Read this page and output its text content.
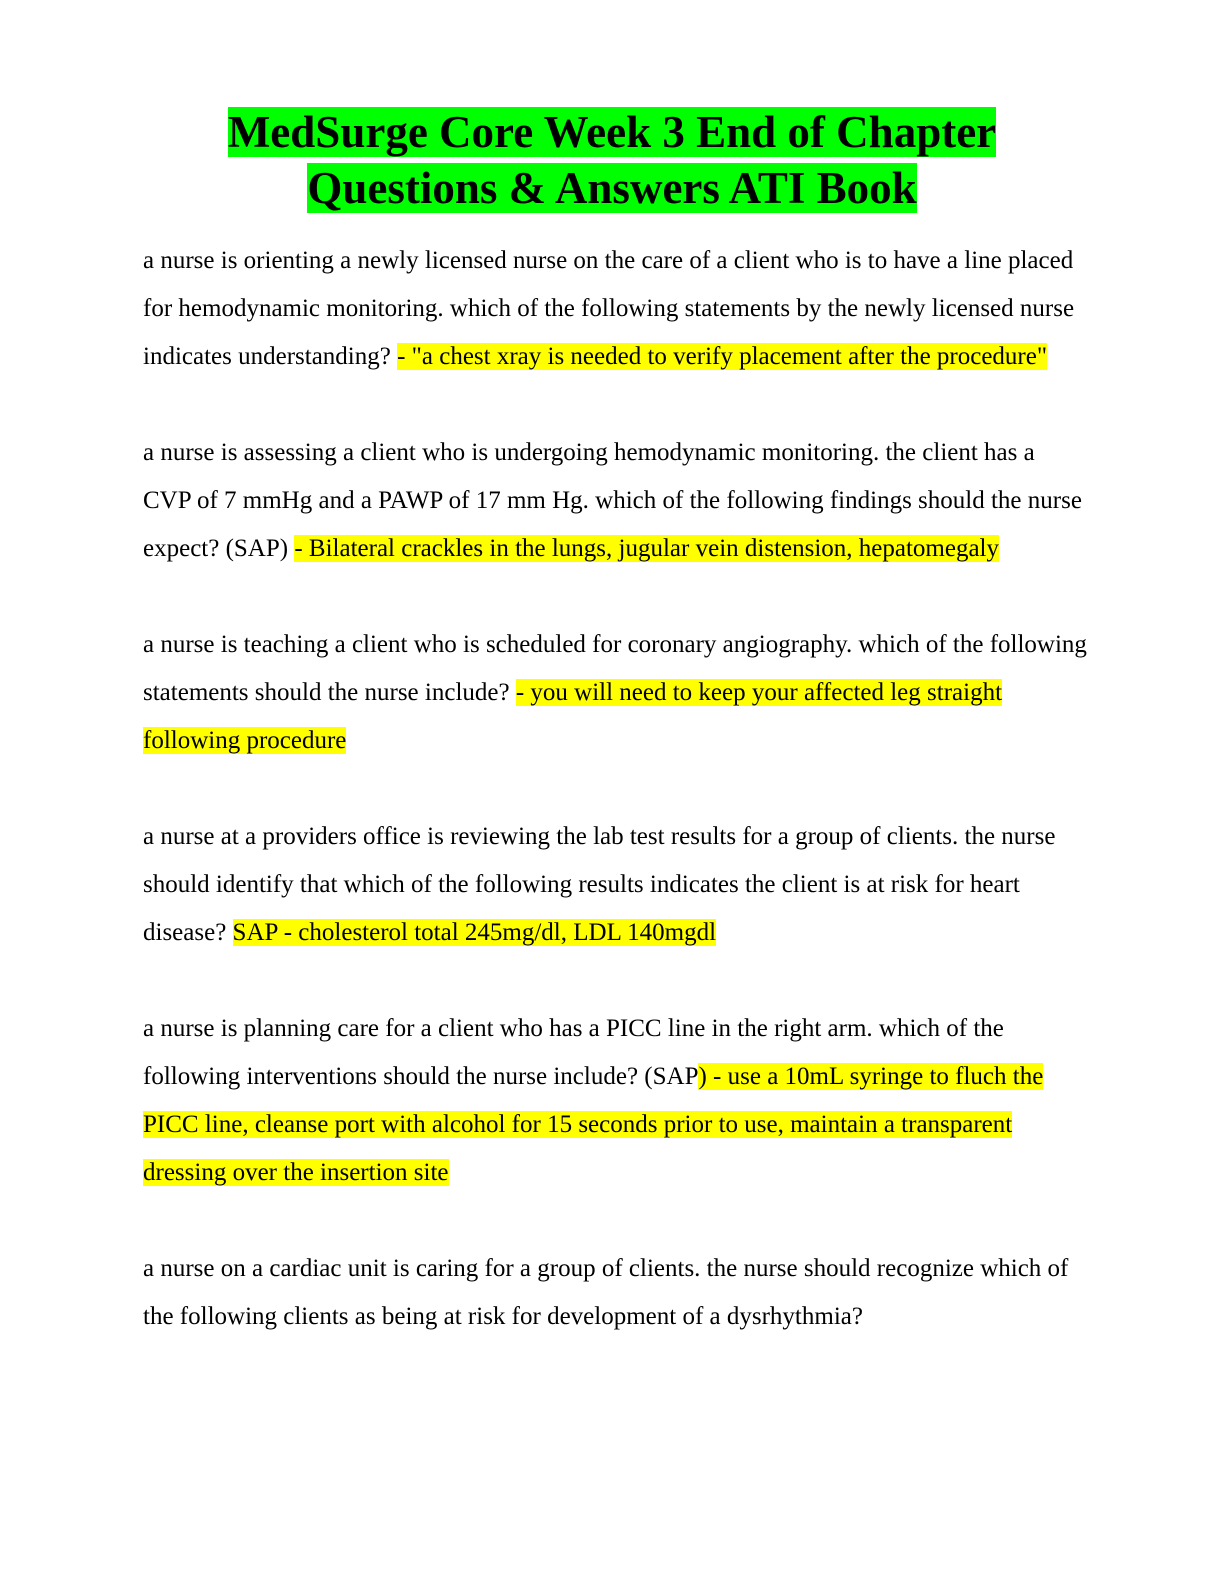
MedSurge Core Week 3 End of Chapter
Questions & Answers ATI Book

a nurse is orienting a newly licensed nurse on the care of a client who is to have a line placed for hemodynamic monitoring. which of the following statements by the newly licensed nurse indicates understanding? - "a chest xray is needed to verify placement after the procedure"

a nurse is assessing a client who is undergoing hemodynamic monitoring. the client has a CVP of 7 mmHg and a PAWP of 17 mm Hg. which of the following findings should the nurse expect? (SAP) - Bilateral crackles in the lungs, jugular vein distension, hepatomegaly

a nurse is teaching a client who is scheduled for coronary angiography. which of the following statements should the nurse include? - you will need to keep your affected leg straight following procedure

a nurse at a providers office is reviewing the lab test results for a group of clients. the nurse should identify that which of the following results indicates the client is at risk for heart disease? SAP - cholesterol total 245mg/dl, LDL 140mgdl

a nurse is planning care for a client who has a PICC line in the right arm. which of the following interventions should the nurse include? (SAP) - use a 10mL syringe to fluch the PICC line, cleanse port with alcohol for 15 seconds prior to use, maintain a transparent dressing over the insertion site

a nurse on a cardiac unit is caring for a group of clients. the nurse should recognize which of the following clients as being at risk for development of a dysrhythmia?
